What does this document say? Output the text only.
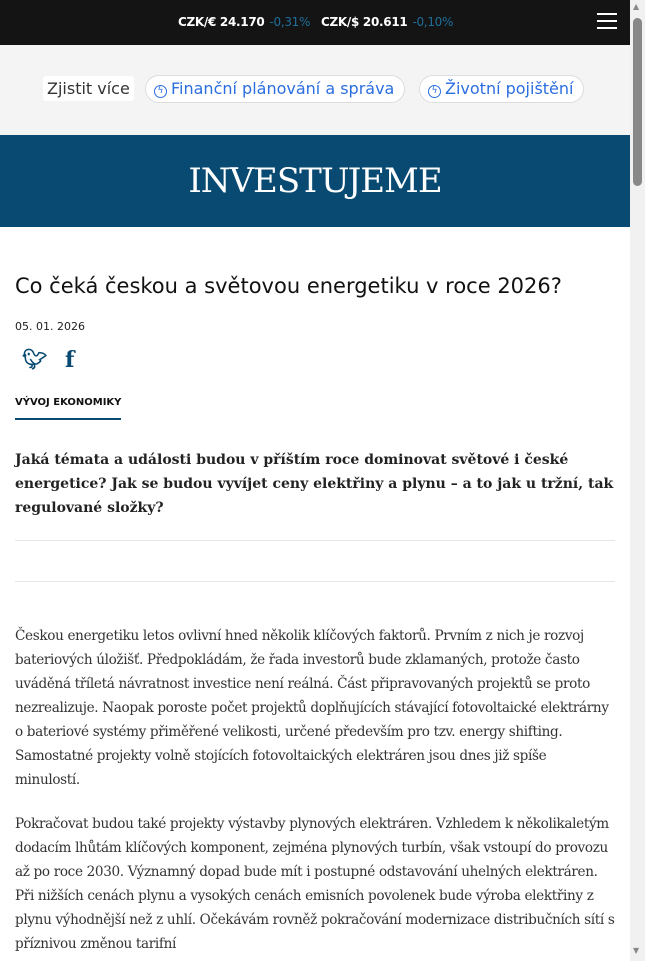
CZK/€ 24.170 -0,31% CZK/$ 20.611 -0,10%
Zjistit více	ϟ Finanční plánování a správa	ϟ Životní pojištění
INVESTUJEME
Co čeká českou a světovou energetiku v roce 2026?
05. 01. 2026
🐦︎ f
VÝVOJ EKONOMIKY
Jaká témata a události budou v příštím roce dominovat světové i české energetice? Jak se budou vyvíjet ceny elektřiny a plynu – a to jak u tržní, tak regulované složky?

Českou energetiku letos ovlivní hned několik klíčových faktorů. Prvním z nich je rozvoj bateriových úložišť. Předpokládám, že řada investorů bude zklamaných, protože často uváděná tříletá návratnost investice není reálná. Část připravovaných projektů se proto nezrealizuje. Naopak poroste počet projektů doplňujících stávající fotovoltaické elektrárny o bateriové systémy přiměřené velikosti, určené především pro tzv. energy shifting. Samostatné projekty volně stojících fotovoltaických elektráren jsou dnes již spíše minulostí.

Pokračovat budou také projekty výstavby plynových elektráren. Vzhledem k několikaletým dodacím lhůtám klíčových komponent, zejména plynových turbín, však vstoupí do provozu až po roce 2030. Významný dopad bude mít i postupné odstavování uhelných elektráren. Při nižších cenách plynu a vysokých cenách emisních povolenek bude výroba elektřiny z plynu výhodnější než z uhlí. Očekávám rovněž pokračování modernizace distribučních sítí s příznivou změnou tarifní

▲
▼
